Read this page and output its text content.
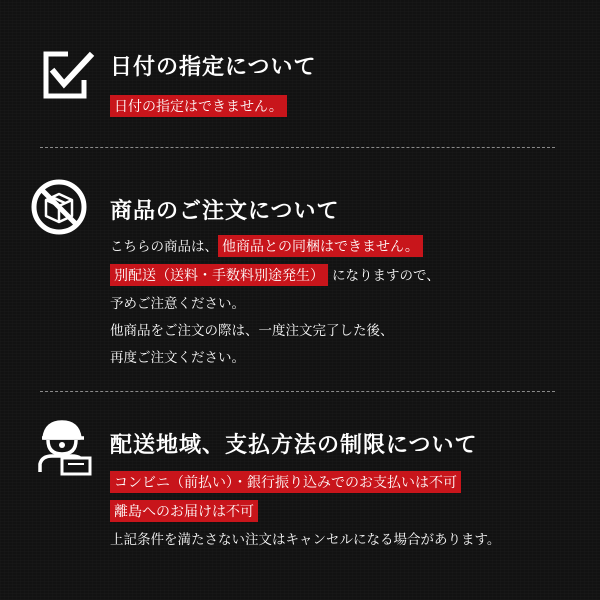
日付の指定について
日付の指定はできません。
商品のご注文について
こちらの商品は、 他商品との同梱はできません。
別配送（送料・手数料別途発生） になりますので、
予めご注意ください。
他商品をご注文の際は、一度注文完了した後、
再度ご注文ください。
配送地域、支払方法の制限について
コンビニ（前払い）・銀行振り込みでのお支払いは不可
離島へのお届けは不可
上記条件を満たさない注文はキャンセルになる場合があります。
